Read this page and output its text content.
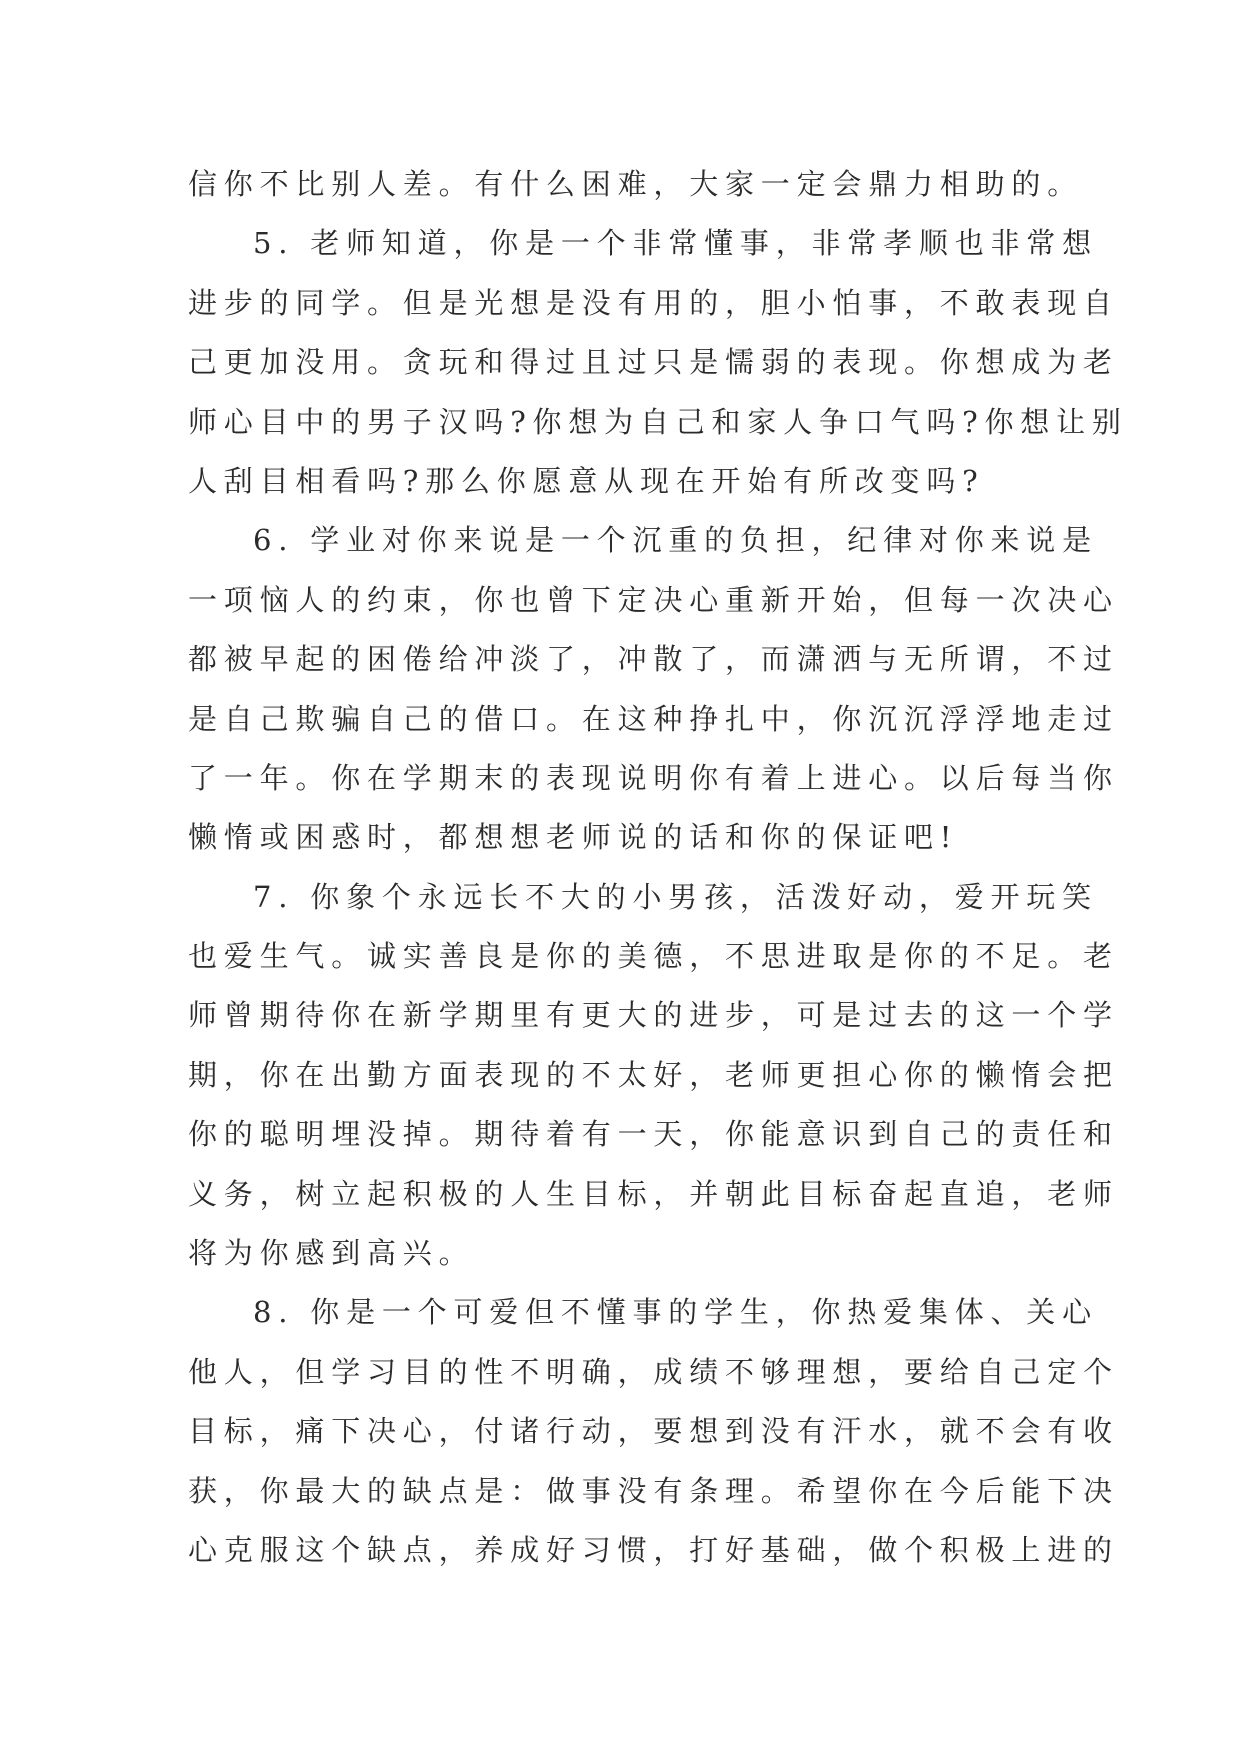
信你不比别人差。有什么困难，大家一定会鼎力相助的。
5. 老师知道，你是一个非常懂事，非常孝顺也非常想
进步的同学。但是光想是没有用的，胆小怕事，不敢表现自
己更加没用。贪玩和得过且过只是懦弱的表现。你想成为老
师心目中的男子汉吗?你想为自己和家人争口气吗?你想让别
人刮目相看吗?那么你愿意从现在开始有所改变吗?
6. 学业对你来说是一个沉重的负担，纪律对你来说是
一项恼人的约束，你也曾下定决心重新开始，但每一次决心
都被早起的困倦给冲淡了，冲散了，而潇洒与无所谓，不过
是自己欺骗自己的借口。在这种挣扎中，你沉沉浮浮地走过
了一年。你在学期末的表现说明你有着上进心。以后每当你
懒惰或困惑时，都想想老师说的话和你的保证吧!
7. 你象个永远长不大的小男孩，活泼好动，爱开玩笑
也爱生气。诚实善良是你的美德，不思进取是你的不足。老
师曾期待你在新学期里有更大的进步，可是过去的这一个学
期，你在出勤方面表现的不太好，老师更担心你的懒惰会把
你的聪明埋没掉。期待着有一天，你能意识到自己的责任和
义务，树立起积极的人生目标，并朝此目标奋起直追，老师
将为你感到高兴。
8. 你是一个可爱但不懂事的学生，你热爱集体、关心
他人，但学习目的性不明确，成绩不够理想，要给自己定个
目标，痛下决心，付诸行动，要想到没有汗水，就不会有收
获，你最大的缺点是：做事没有条理。希望你在今后能下决
心克服这个缺点，养成好习惯，打好基础，做个积极上进的
